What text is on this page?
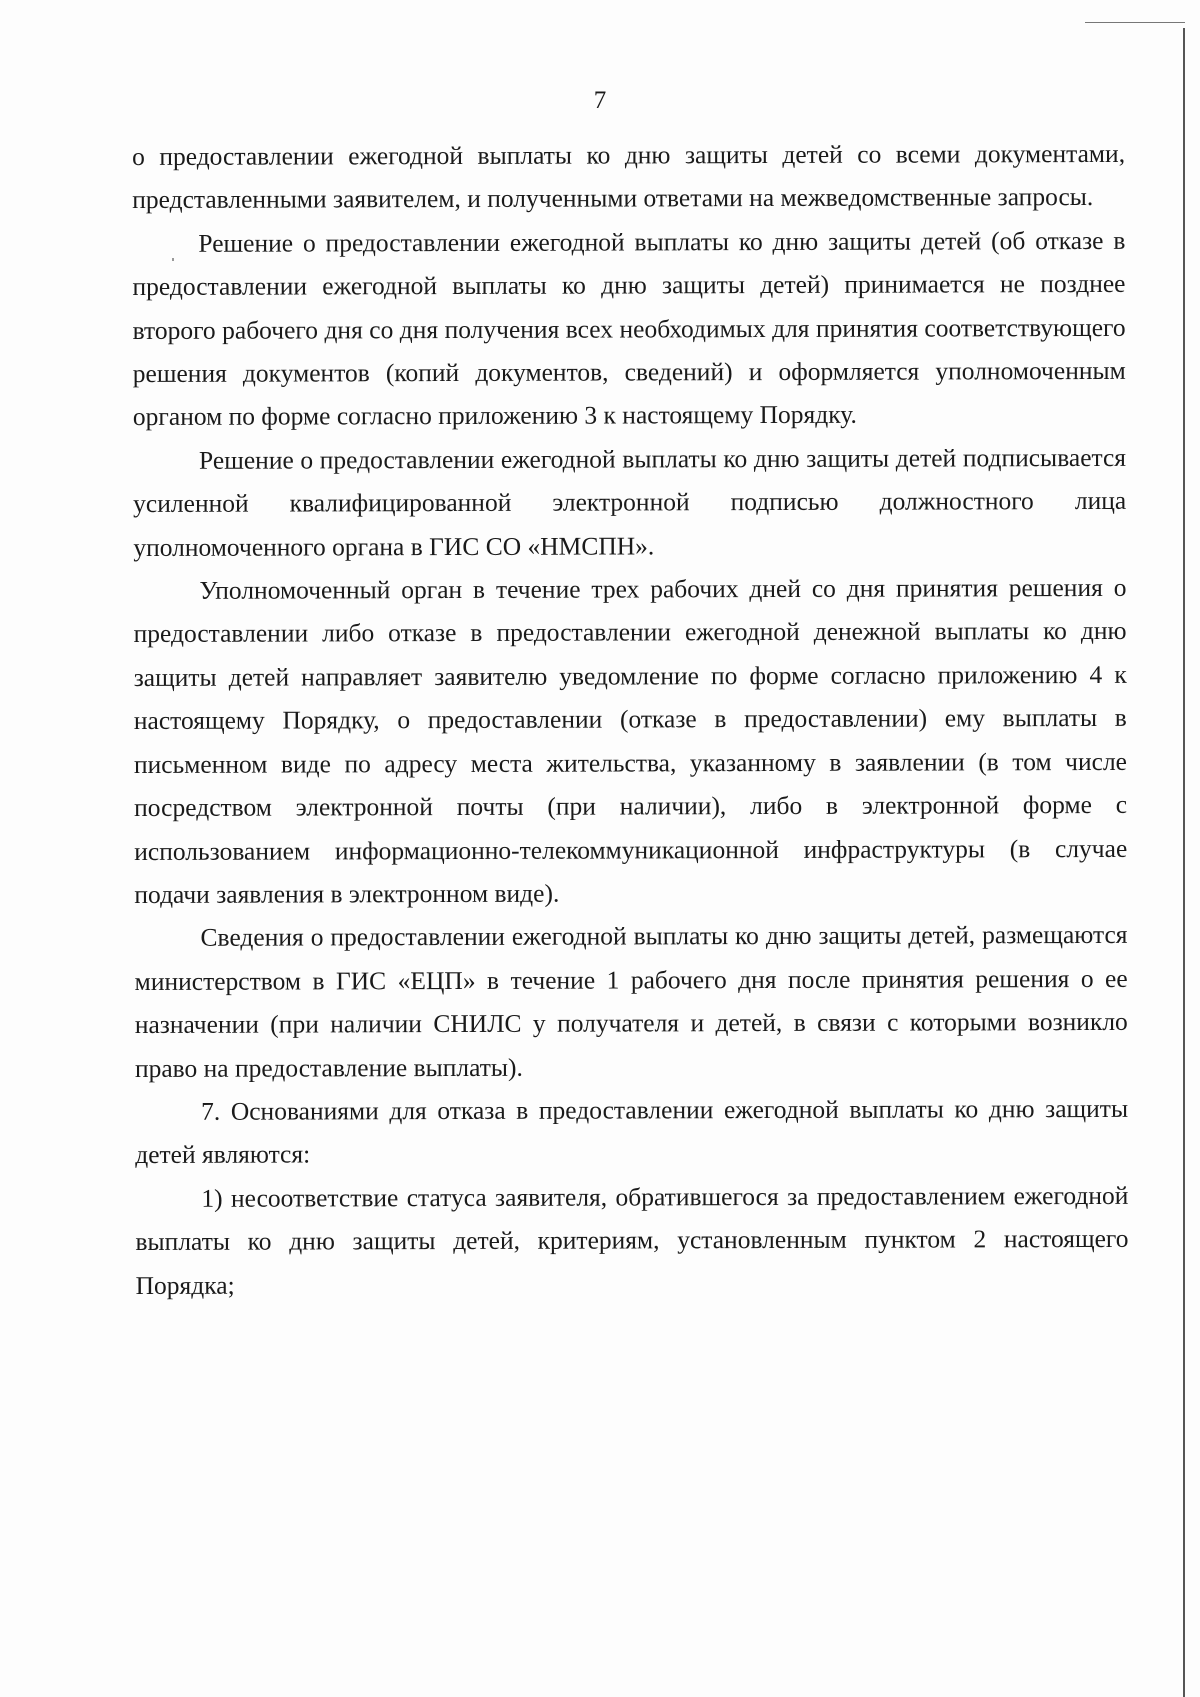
7

о предоставлении ежегодной выплаты ко дню защиты детей со всеми документами, представленными заявителем, и полученными ответами на межведомственные запросы.

Решение о предоставлении ежегодной выплаты ко дню защиты детей (об отказе в предоставлении ежегодной выплаты ко дню защиты детей) принимается не позднее второго рабочего дня со дня получения всех необходимых для принятия соответствующего решения документов (копий документов, сведений) и оформляется уполномоченным органом по форме согласно приложению 3 к настоящему Порядку.

Решение о предоставлении ежегодной выплаты ко дню защиты детей подписывается усиленной квалифицированной электронной подписью должностного лица уполномоченного органа в ГИС СО «НМСПН».

Уполномоченный орган в течение трех рабочих дней со дня принятия решения о предоставлении либо отказе в предоставлении ежегодной денежной выплаты ко дню защиты детей направляет заявителю уведомление по форме согласно приложению 4 к настоящему Порядку, о предоставлении (отказе в предоставлении) ему выплаты в письменном виде по адресу места жительства, указанному в заявлении (в том числе посредством электронной почты (при наличии), либо в электронной форме с использованием информационно-телекоммуникационной инфраструктуры (в случае подачи заявления в электронном виде).

Сведения о предоставлении ежегодной выплаты ко дню защиты детей, размещаются министерством в ГИС «ЕЦП» в течение 1 рабочего дня после принятия решения о ее назначении (при наличии СНИЛС у получателя и детей, в связи с которыми возникло право на предоставление выплаты).

7. Основаниями для отказа в предоставлении ежегодной выплаты ко дню защиты детей являются:

1) несоответствие статуса заявителя, обратившегося за предоставлением ежегодной выплаты ко дню защиты детей, критериям, установленным пунктом 2 настоящего Порядка;
